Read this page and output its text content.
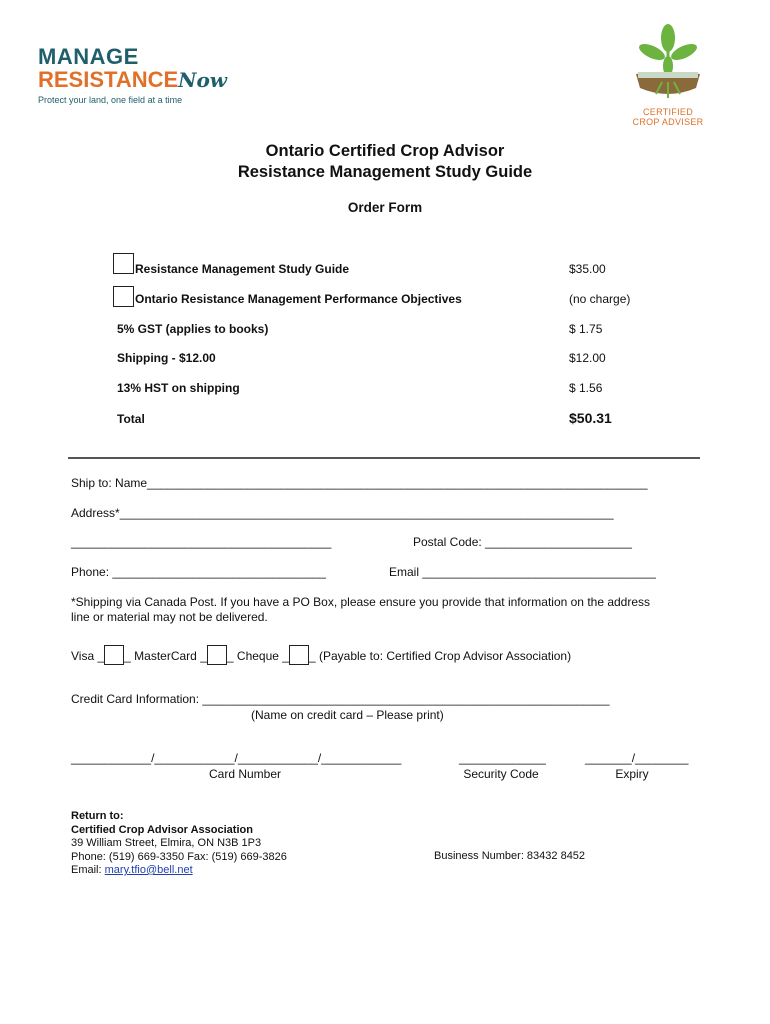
MANAGE
RESISTANCENow
Protect your land, one field at a time
CERTIFIED
CROP ADVISER
Ontario Certified Crop Advisor
Resistance Management Study Guide
Order Form
Resistance Management Study Guide	$35.00
Ontario Resistance Management Performance Objectives	(no charge)
5% GST (applies to books)	$ 1.75
Shipping - $12.00	$12.00
13% HST on shipping	$ 1.56
Total	$50.31
Ship to: Name___________________________________________________________________________
Address*__________________________________________________________________________
_______________________________________	Postal Code: ______________________
Phone: ________________________________	Email ___________________________________
*Shipping via Canada Post. If you have a PO Box, please ensure you provide that information on the address
line or material may not be delivered.
Visa _ _ MasterCard _ _ Cheque _ _ (Payable to: Certified Crop Advisor Association)
Credit Card Information: _____________________________________________________________
(Name on credit card – Please print)
____________/____________/____________/____________
Card Number
_____________
Security Code
_______/________
Expiry
Return to:
Certified Crop Advisor Association
39 William Street, Elmira, ON N3B 1P3
Phone: (519) 669-3350 Fax: (519) 669-3826
Email: mary.tfio@bell.net
Business Number: 83432 8452
